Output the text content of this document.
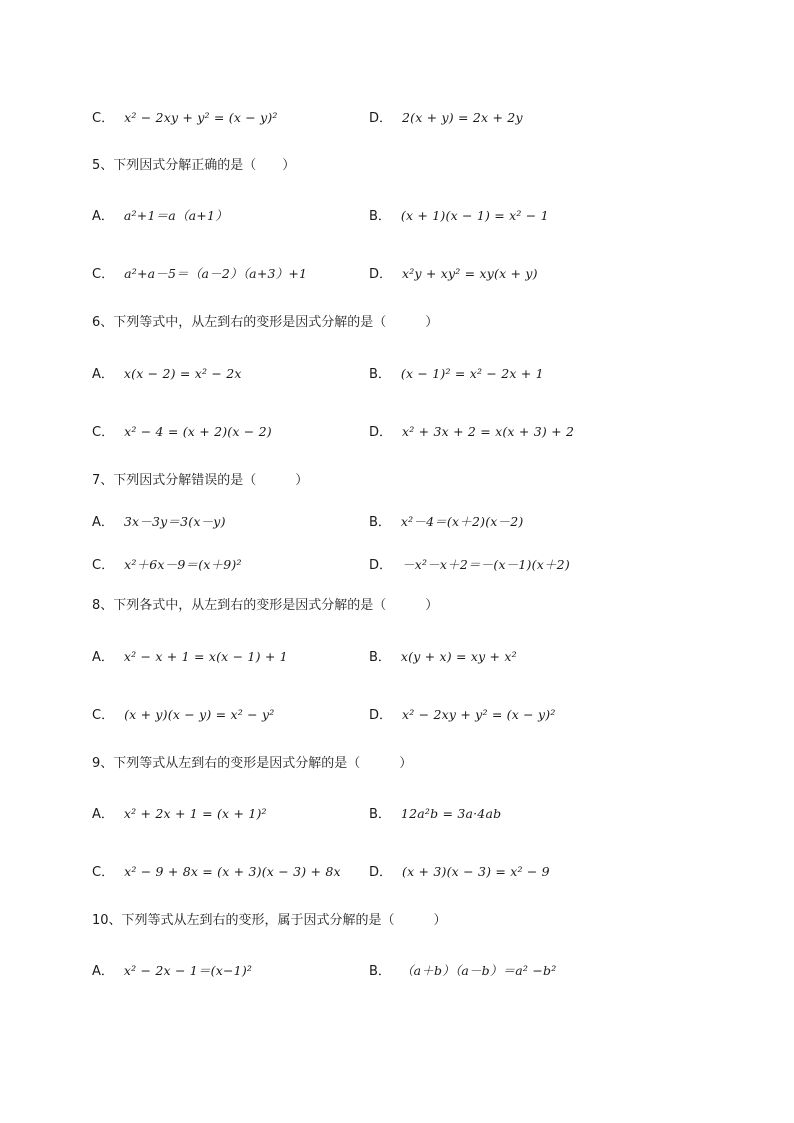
C． x² − 2xy + y² = (x − y)²	D． 2(x + y) = 2x + 2y
5、下列因式分解正确的是（　　）
A． a²+1＝a（a+1）	B． (x + 1)(x − 1) = x² − 1
C． a²+a－5＝（a－2）（a+3）+1	D． x²y + xy² = xy(x + y)
6、下列等式中，从左到右的变形是因式分解的是（　　　）
A． x(x − 2) = x² − 2x	B． (x − 1)² = x² − 2x + 1
C． x² − 4 = (x + 2)(x − 2)	D． x² + 3x + 2 = x(x + 3) + 2
7、下列因式分解错误的是（　　　）
A． 3x－3y＝3(x－y)	B． x²－4＝(x＋2)(x－2)
C． x²＋6x－9＝(x＋9)²	D． －x²－x＋2＝－(x－1)(x＋2)
8、下列各式中，从左到右的变形是因式分解的是（　　　）
A． x² − x + 1 = x(x − 1) + 1	B． x(y + x) = xy + x²
C． (x + y)(x − y) = x² − y²	D． x² − 2xy + y² = (x − y)²
9、下列等式从左到右的变形是因式分解的是（　　　）
A． x² + 2x + 1 = (x + 1)²	B． 12a²b = 3a·4ab
C． x² − 9 + 8x = (x + 3)(x − 3) + 8x	D． (x + 3)(x − 3) = x² − 9
10、下列等式从左到右的变形，属于因式分解的是（　　　）
A． x² − 2x − 1＝(x−1)²	B． （a＋b）（a－b）＝a² −b²
